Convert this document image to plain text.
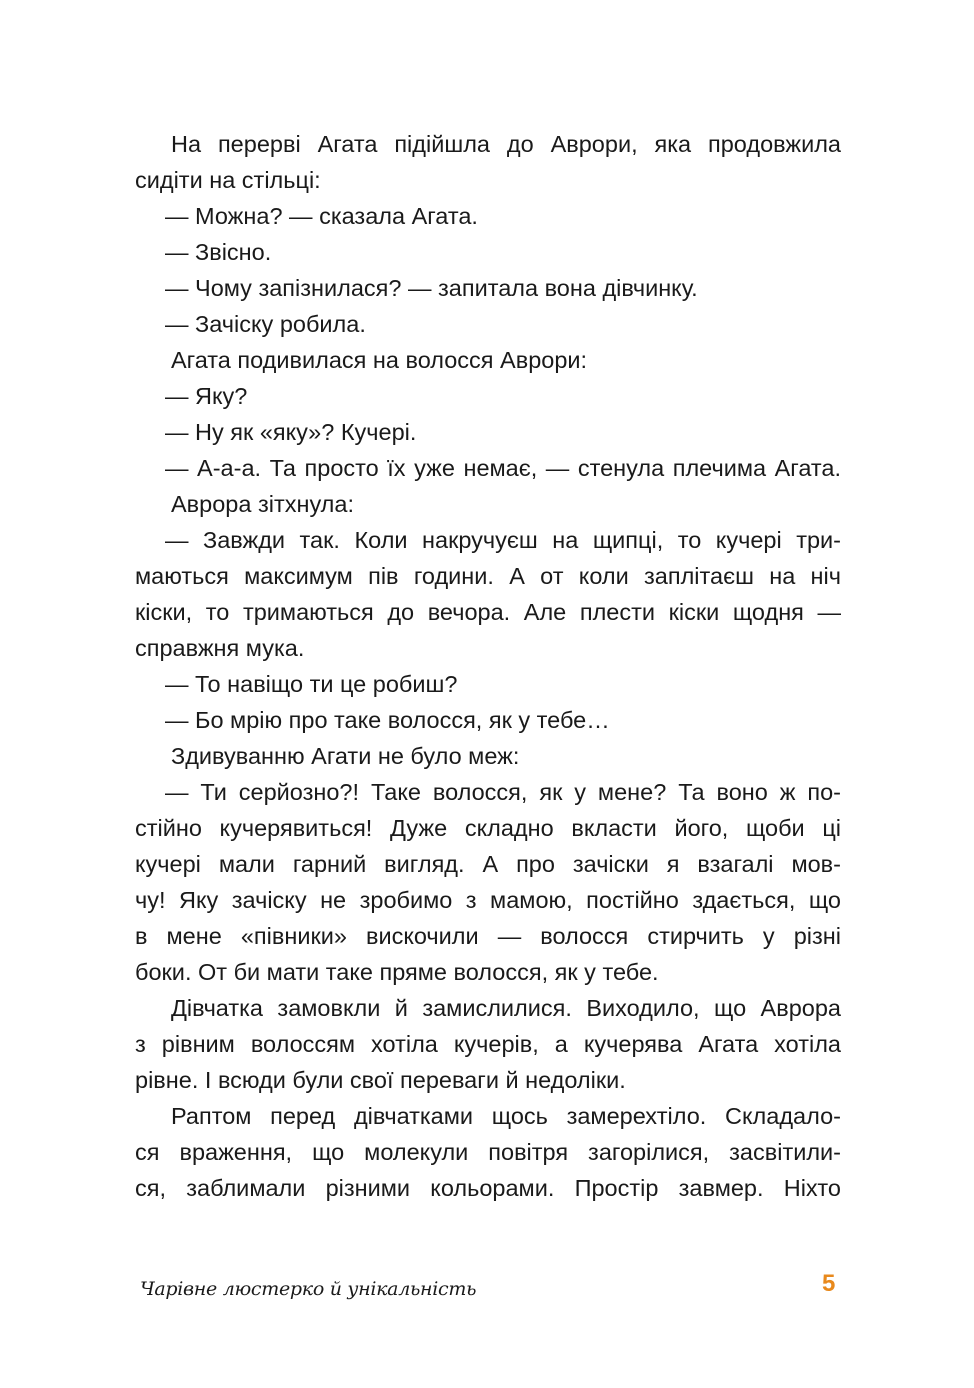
На перерві Агата підійшла до Аврори, яка продовжила
сидіти на стільці:
— Можна? — сказала Агата.
— Звісно.
— Чому запізнилася? — запитала вона дівчинку.
— Зачіску робила.
Агата подивилася на волосся Аврори:
— Яку?
— Ну як «яку»? Кучері.
— А-а-а. Та просто їх уже немає, — стенула плечима Агата.
Аврора зітхнула:
— Завжди так. Коли накручуєш на щипці, то кучері три-
маються максимум пів години. А от коли заплітаєш на ніч
кіски, то тримаються до вечора. Але плести кіски щодня —
справжня мука.
— То навіщо ти це робиш?
— Бо мрію про таке волосся, як у тебе…
Здивуванню Агати не було меж:
— Ти серйозно?! Таке волосся, як у мене? Та воно ж по-
стійно кучерявиться! Дуже складно вкласти його, щоби ці
кучері мали гарний вигляд. А про зачіски я взагалі мов-
чу! Яку зачіску не зробимо з мамою, постійно здається, що
в мене «півники» вискочили — волосся стирчить у різні
боки. От би мати таке пряме волосся, як у тебе.
Дівчатка замовкли й замислилися. Виходило, що Аврора
з рівним волоссям хотіла кучерів, а кучерява Агата хотіла
рівне. І всюди були свої переваги й недоліки.
Раптом перед дівчатками щось замерехтіло. Складало-
ся враження, що молекули повітря загорілися, засвітили-
ся, заблимали різними кольорами. Простір завмер. Ніхто
Чарівне люстерко й унікальність	5
